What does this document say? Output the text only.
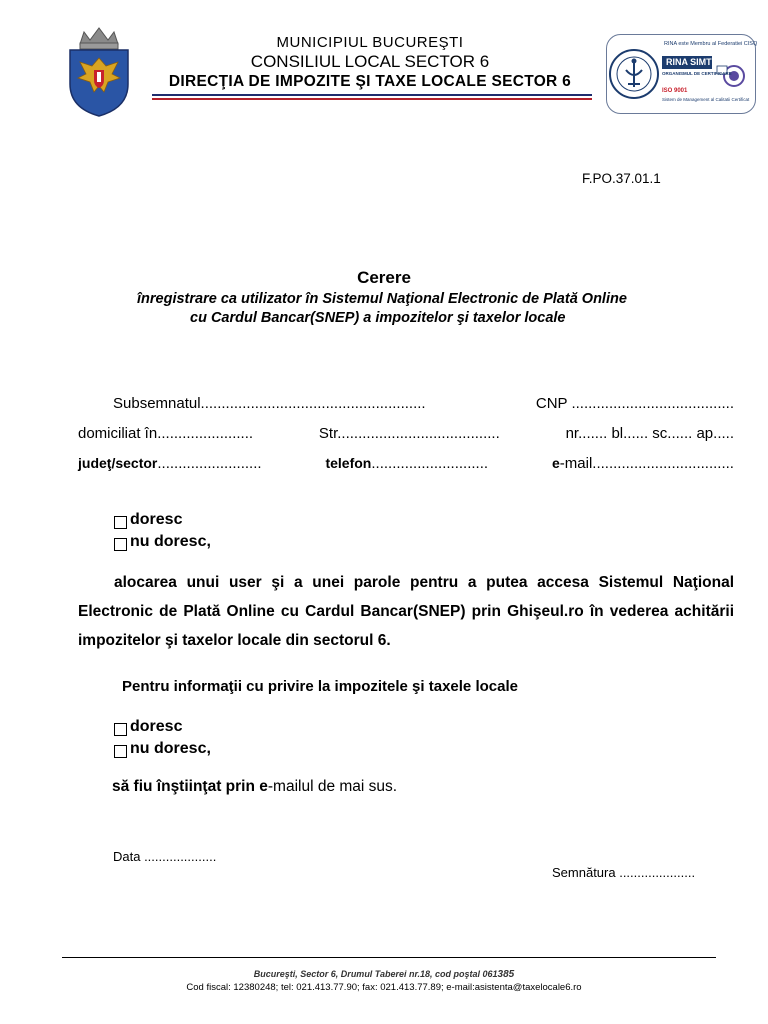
MUNICIPIUL BUCUREŞTI
CONSILIUL LOCAL SECTOR 6
DIRECŢIA DE IMPOZITE ŞI TAXE LOCALE SECTOR 6
RINA este Membru al Federatiei CISQ
RINA SIMTEX
ORGANISMUL DE CERTIFICARE
ISO 9001
Sistem de Management al Calitatii Certificat
F.PO.37.01.1
Cerere
înregistrare ca utilizator în Sistemul Naţional Electronic de Plată Online
cu Cardul Bancar(SNEP) a impozitelor şi taxelor locale
Subsemnatul......................................................	CNP .......................................
domiciliat în.......................	Str.......................................	nr....... bl...... sc...... ap.....
judeţ/sector.........................	telefon............................	e-mail..................................
doresc
nu doresc,
alocarea unui user şi a unei parole pentru a putea accesa Sistemul Naţional Electronic de Plată Online cu Cardul Bancar(SNEP) prin Ghişeul.ro în vederea achitării impozitelor şi taxelor locale din sectorul 6.
Pentru informaţii cu privire la impozitele şi taxele locale
doresc
nu doresc,
să fiu înştiinţat prin e-mailul de mai sus.
Data ....................
Semnătura .....................
Bucureşti, Sector 6, Drumul Taberei nr.18, cod poştal 061385
Cod fiscal: 12380248; tel: 021.413.77.90; fax: 021.413.77.89; e-mail:asistenta@taxelocale6.ro
